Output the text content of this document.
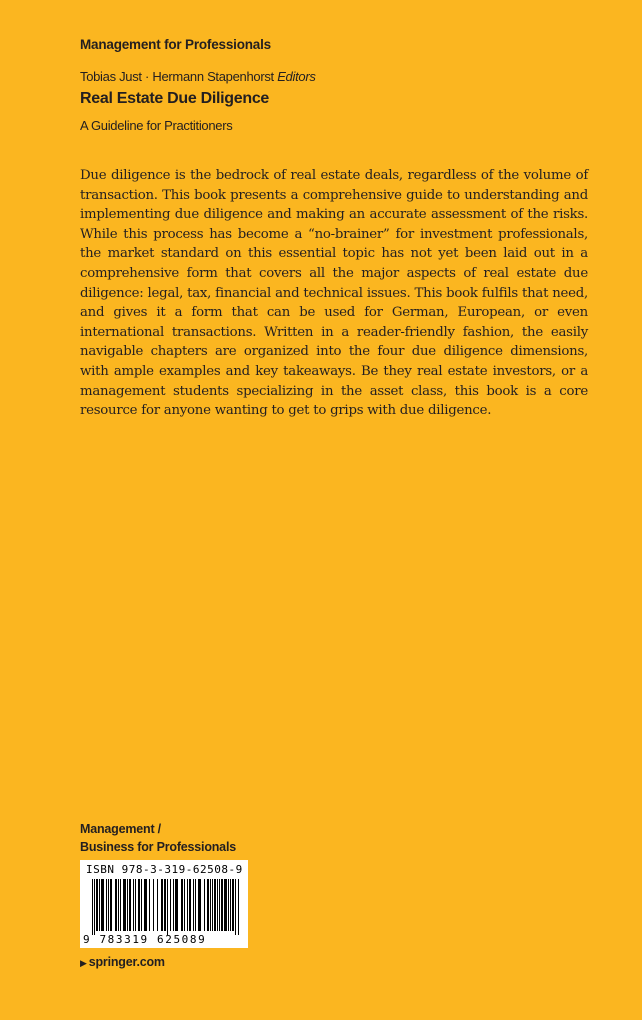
Management for Professionals
Tobias Just · Hermann Stapenhorst Editors
Real Estate Due Diligence
A Guideline for Practitioners

Due diligence is the bedrock of real estate deals, regardless of the volume of transaction. This book presents a comprehensive guide to understanding and implementing due diligence and making an accurate assessment of the risks. While this process has become a “no-brainer” for investment professionals, the market standard on this essential topic has not yet been laid out in a comprehensive form that covers all the major aspects of real estate due diligence: legal, tax, financial and technical issues. This book fulfils that need, and gives it a form that can be used for German, European, or even international transactions. Written in a reader-friendly fashion, the easily navigable chapters are organized into the four due diligence dimensions, with ample examples and key takeaways. Be they real estate investors, or a management students specializing in the asset class, this book is a core resource for anyone wanting to get to grips with due diligence.

Management /
Business for Professionals
ISBN 978-3-319-62508-9
9 783319 625089
▶ springer.com
